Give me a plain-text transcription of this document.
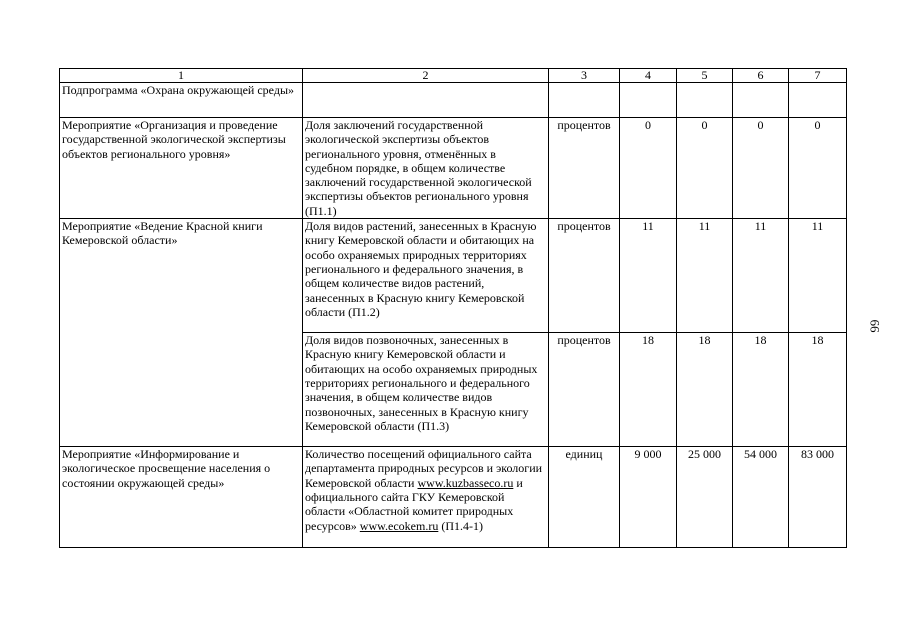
1	2	3	4	5	6	7
Подпрограмма «Охрана окружающей среды»						
Мероприятие «Организация и проведение государственной экологической экспертизы объектов регионального уровня»	Доля заключений государственной экологической экспертизы объектов регионального уровня, отменённых в судебном порядке, в общем количестве заключений государственной экологической экспертизы объектов регионального уровня (П1.1)	процентов	0	0	0	0
Мероприятие «Ведение Красной книги Кемеровской области»	Доля видов растений, занесенных в Красную книгу Кемеровской области и обитающих на особо охраняемых природных территориях регионального и федерального значения, в общем количестве видов растений, занесенных в Красную книгу Кемеровской области (П1.2)	процентов	11	11	11	11
	Доля видов позвоночных, занесенных в Красную книгу Кемеровской области и обитающих на особо охраняемых природных территориях регионального и федерального значения, в общем количестве видов позвоночных, занесенных в Красную книгу Кемеровской области (П1.3)	процентов	18	18	18	18
Мероприятие «Информирование и экологическое просвещение населения о состоянии окружающей среды»	Количество посещений официального сайта департамента природных ресурсов и экологии Кемеровской области www.kuzbasseco.ru и официального сайта ГКУ Кемеровской области «Областной комитет природных ресурсов» www.ecokem.ru (П1.4-1)	единиц	9 000	25 000	54 000	83 000
66
